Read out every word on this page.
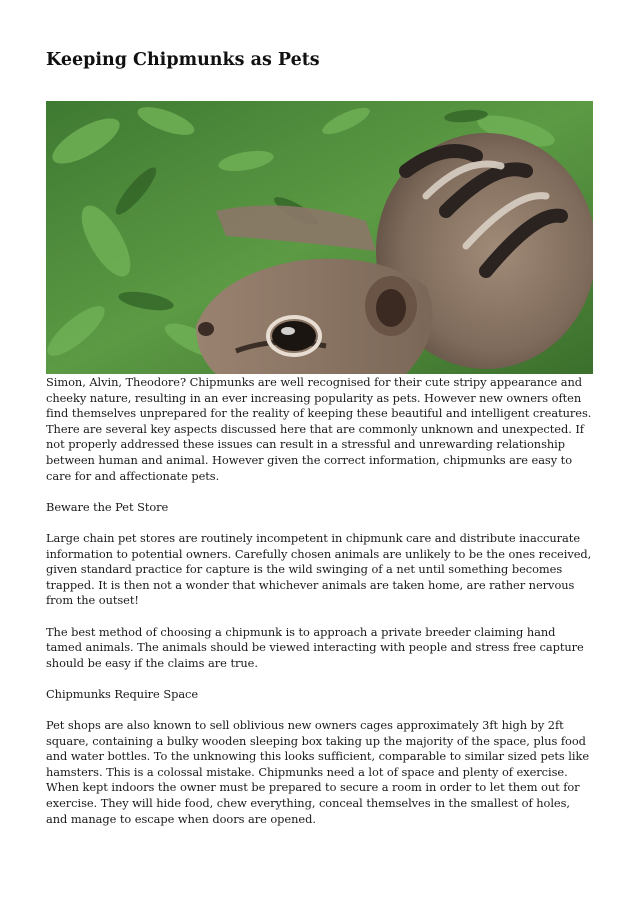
Keeping Chipmunks as Pets

Simon, Alvin, Theodore? Chipmunks are well recognised for their cute stripy appearance and cheeky nature, resulting in an ever increasing popularity as pets. However new owners often find themselves unprepared for the reality of keeping these beautiful and intelligent creatures. There are several key aspects discussed here that are commonly unknown and unexpected. If not properly addressed these issues can result in a stressful and unrewarding relationship between human and animal. However given the correct information, chipmunks are easy to care for and affectionate pets.

Beware the Pet Store

Large chain pet stores are routinely incompetent in chipmunk care and distribute inaccurate information to potential owners. Carefully chosen animals are unlikely to be the ones received, given standard practice for capture is the wild swinging of a net until something becomes trapped. It is then not a wonder that whichever animals are taken home, are rather nervous from the outset!

The best method of choosing a chipmunk is to approach a private breeder claiming hand tamed animals. The animals should be viewed interacting with people and stress free capture should be easy if the claims are true.

Chipmunks Require Space

Pet shops are also known to sell oblivious new owners cages approximately 3ft high by 2ft square, containing a bulky wooden sleeping box taking up the majority of the space, plus food and water bottles. To the unknowing this looks sufficient, comparable to similar sized pets like hamsters. This is a colossal mistake. Chipmunks need a lot of space and plenty of exercise. When kept indoors the owner must be prepared to secure a room in order to let them out for exercise. They will hide food, chew everything, conceal themselves in the smallest of holes, and manage to escape when doors are opened.
